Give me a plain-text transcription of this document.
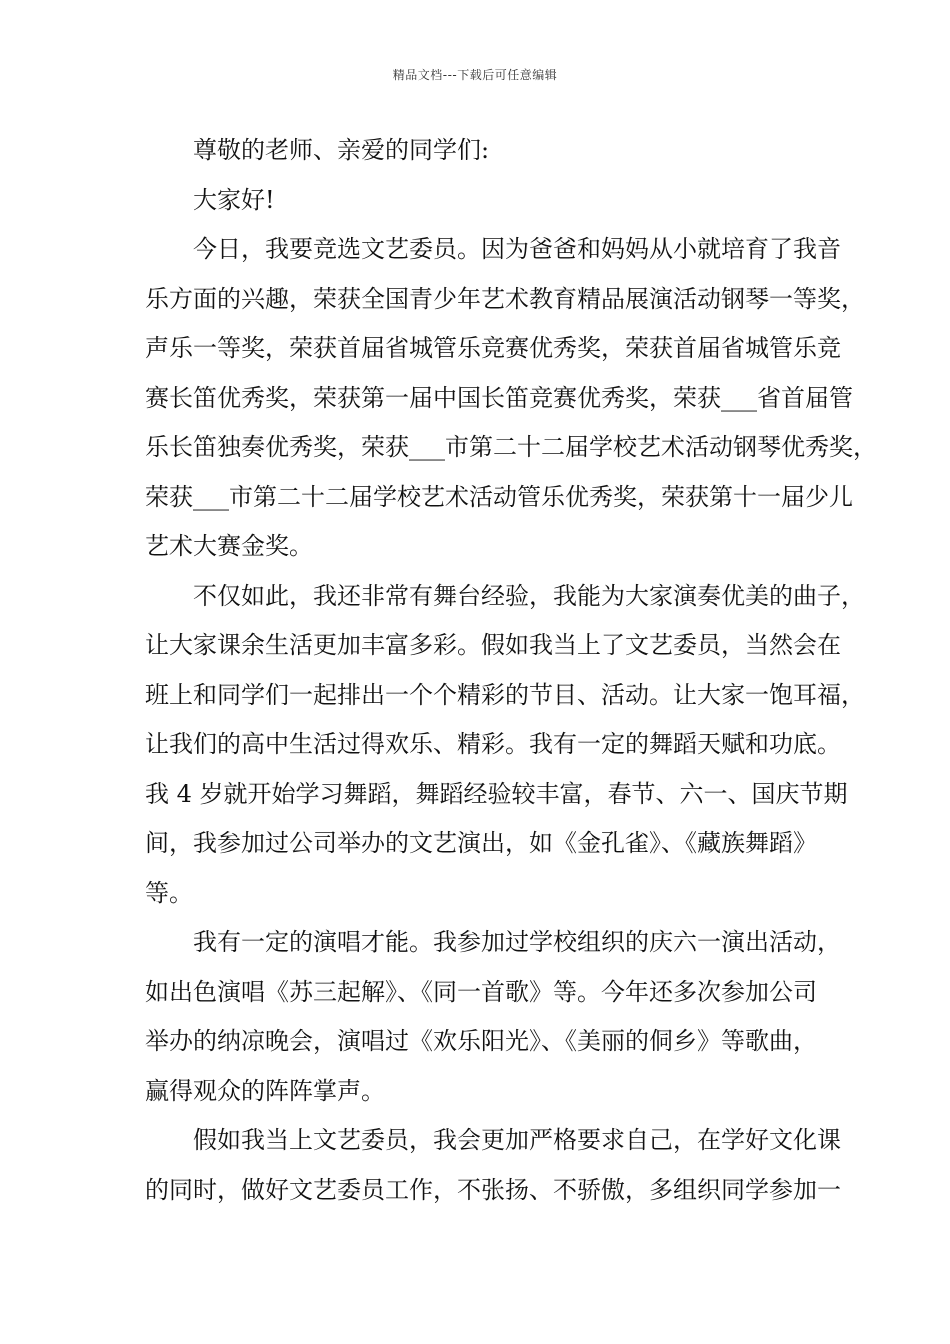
精品文档---下载后可任意编辑

尊敬的老师、亲爱的同学们:

大家好!

今日，我要竞选文艺委员。因为爸爸和妈妈从小就培育了我音
乐方面的兴趣，荣获全国青少年艺术教育精品展演活动钢琴一等奖，
声乐一等奖，荣获首届省城管乐竞赛优秀奖，荣获首届省城管乐竞
赛长笛优秀奖，荣获第一届中国长笛竞赛优秀奖，荣获___省首届管
乐长笛独奏优秀奖，荣获___市第二十二届学校艺术活动钢琴优秀奖，
荣获___市第二十二届学校艺术活动管乐优秀奖，荣获第十一届少儿
艺术大赛金奖。

不仅如此，我还非常有舞台经验，我能为大家演奏优美的曲子，
让大家课余生活更加丰富多彩。假如我当上了文艺委员，当然会在
班上和同学们一起排出一个个精彩的节目、活动。让大家一饱耳福，
让我们的高中生活过得欢乐、精彩。我有一定的舞蹈天赋和功底。
我 4 岁就开始学习舞蹈，舞蹈经验较丰富，春节、六一、国庆节期
间，我参加过公司举办的文艺演出，如《金孔雀》、《藏族舞蹈》
等。

我有一定的演唱才能。我参加过学校组织的庆六一演出活动，
如出色演唱《苏三起解》、《同一首歌》等。今年还多次参加公司
举办的纳凉晚会，演唱过《欢乐阳光》、《美丽的侗乡》等歌曲，
赢得观众的阵阵掌声。

假如我当上文艺委员，我会更加严格要求自己，在学好文化课
的同时，做好文艺委员工作，不张扬、不骄傲，多组织同学参加一
